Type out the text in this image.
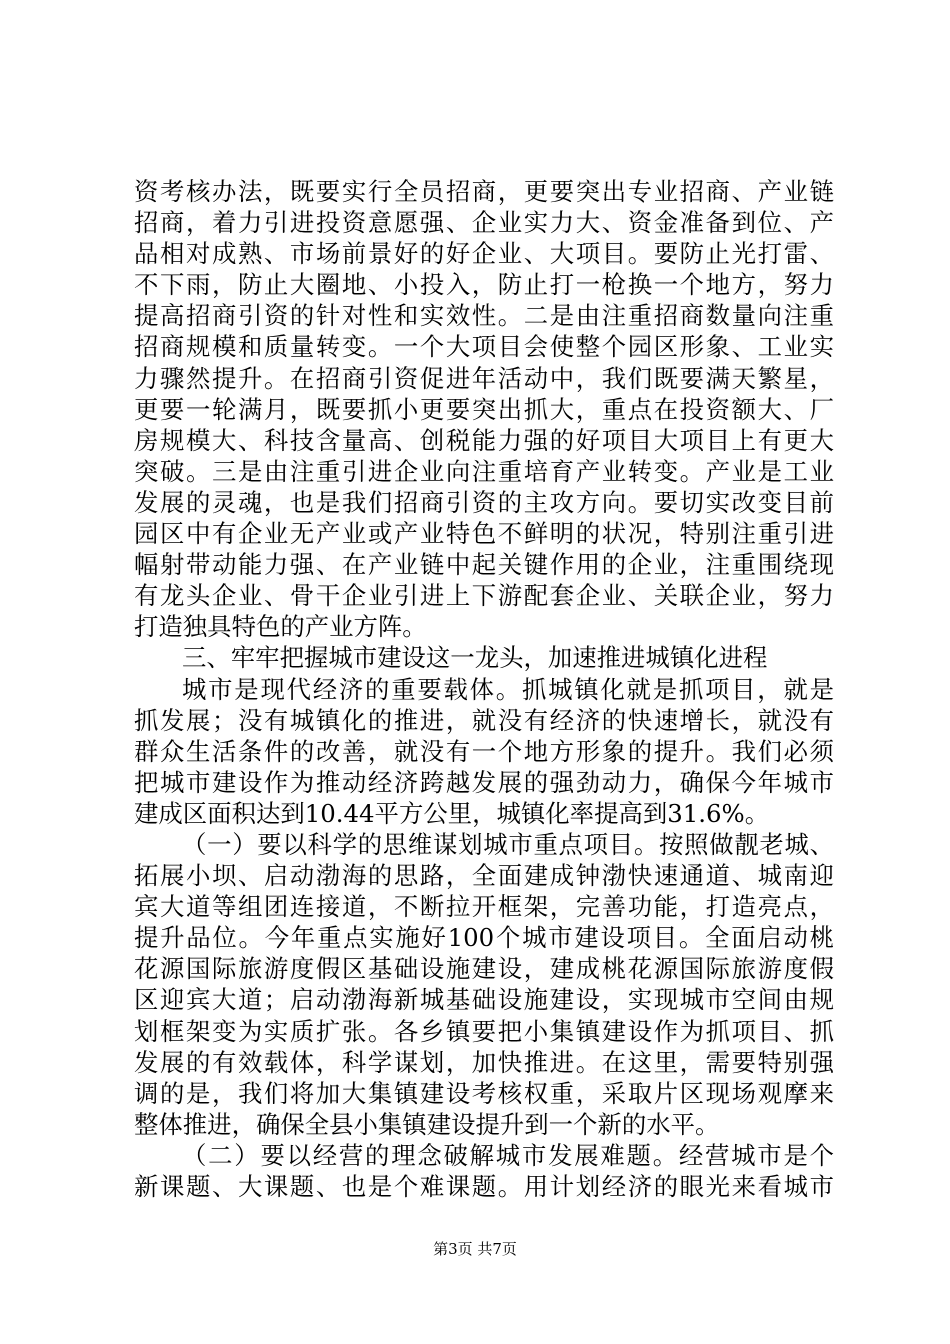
资考核办法，既要实行全员招商，更要突出专业招商、产业链
招商，着力引进投资意愿强、企业实力大、资金准备到位、产
品相对成熟、市场前景好的好企业、大项目。要防止光打雷、
不下雨，防止大圈地、小投入，防止打一枪换一个地方，努力
提高招商引资的针对性和实效性。二是由注重招商数量向注重
招商规模和质量转变。一个大项目会使整个园区形象、工业实
力骤然提升。在招商引资促进年活动中，我们既要满天繁星，
更要一轮满月，既要抓小更要突出抓大，重点在投资额大、厂
房规模大、科技含量高、创税能力强的好项目大项目上有更大
突破。三是由注重引进企业向注重培育产业转变。产业是工业
发展的灵魂，也是我们招商引资的主攻方向。要切实改变目前
园区中有企业无产业或产业特色不鲜明的状况，特别注重引进
幅射带动能力强、在产业链中起关键作用的企业，注重围绕现
有龙头企业、骨干企业引进上下游配套企业、关联企业，努力
打造独具特色的产业方阵。
三、牢牢把握城市建设这一龙头，加速推进城镇化进程
城市是现代经济的重要载体。抓城镇化就是抓项目，就是
抓发展；没有城镇化的推进，就没有经济的快速增长，就没有
群众生活条件的改善，就没有一个地方形象的提升。我们必须
把城市建设作为推动经济跨越发展的强劲动力，确保今年城市
建成区面积达到10.44平方公里，城镇化率提高到31.6%。
（一）要以科学的思维谋划城市重点项目。按照做靓老城、
拓展小坝、启动渤海的思路，全面建成钟渤快速通道、城南迎
宾大道等组团连接道，不断拉开框架，完善功能，打造亮点，
提升品位。今年重点实施好100个城市建设项目。全面启动桃
花源国际旅游度假区基础设施建设，建成桃花源国际旅游度假
区迎宾大道；启动渤海新城基础设施建设，实现城市空间由规
划框架变为实质扩张。各乡镇要把小集镇建设作为抓项目、抓
发展的有效载体，科学谋划，加快推进。在这里，需要特别强
调的是，我们将加大集镇建设考核权重，采取片区现场观摩来
整体推进，确保全县小集镇建设提升到一个新的水平。
（二）要以经营的理念破解城市发展难题。经营城市是个
新课题、大课题、也是个难课题。用计划经济的眼光来看城市
第3页 共7页
